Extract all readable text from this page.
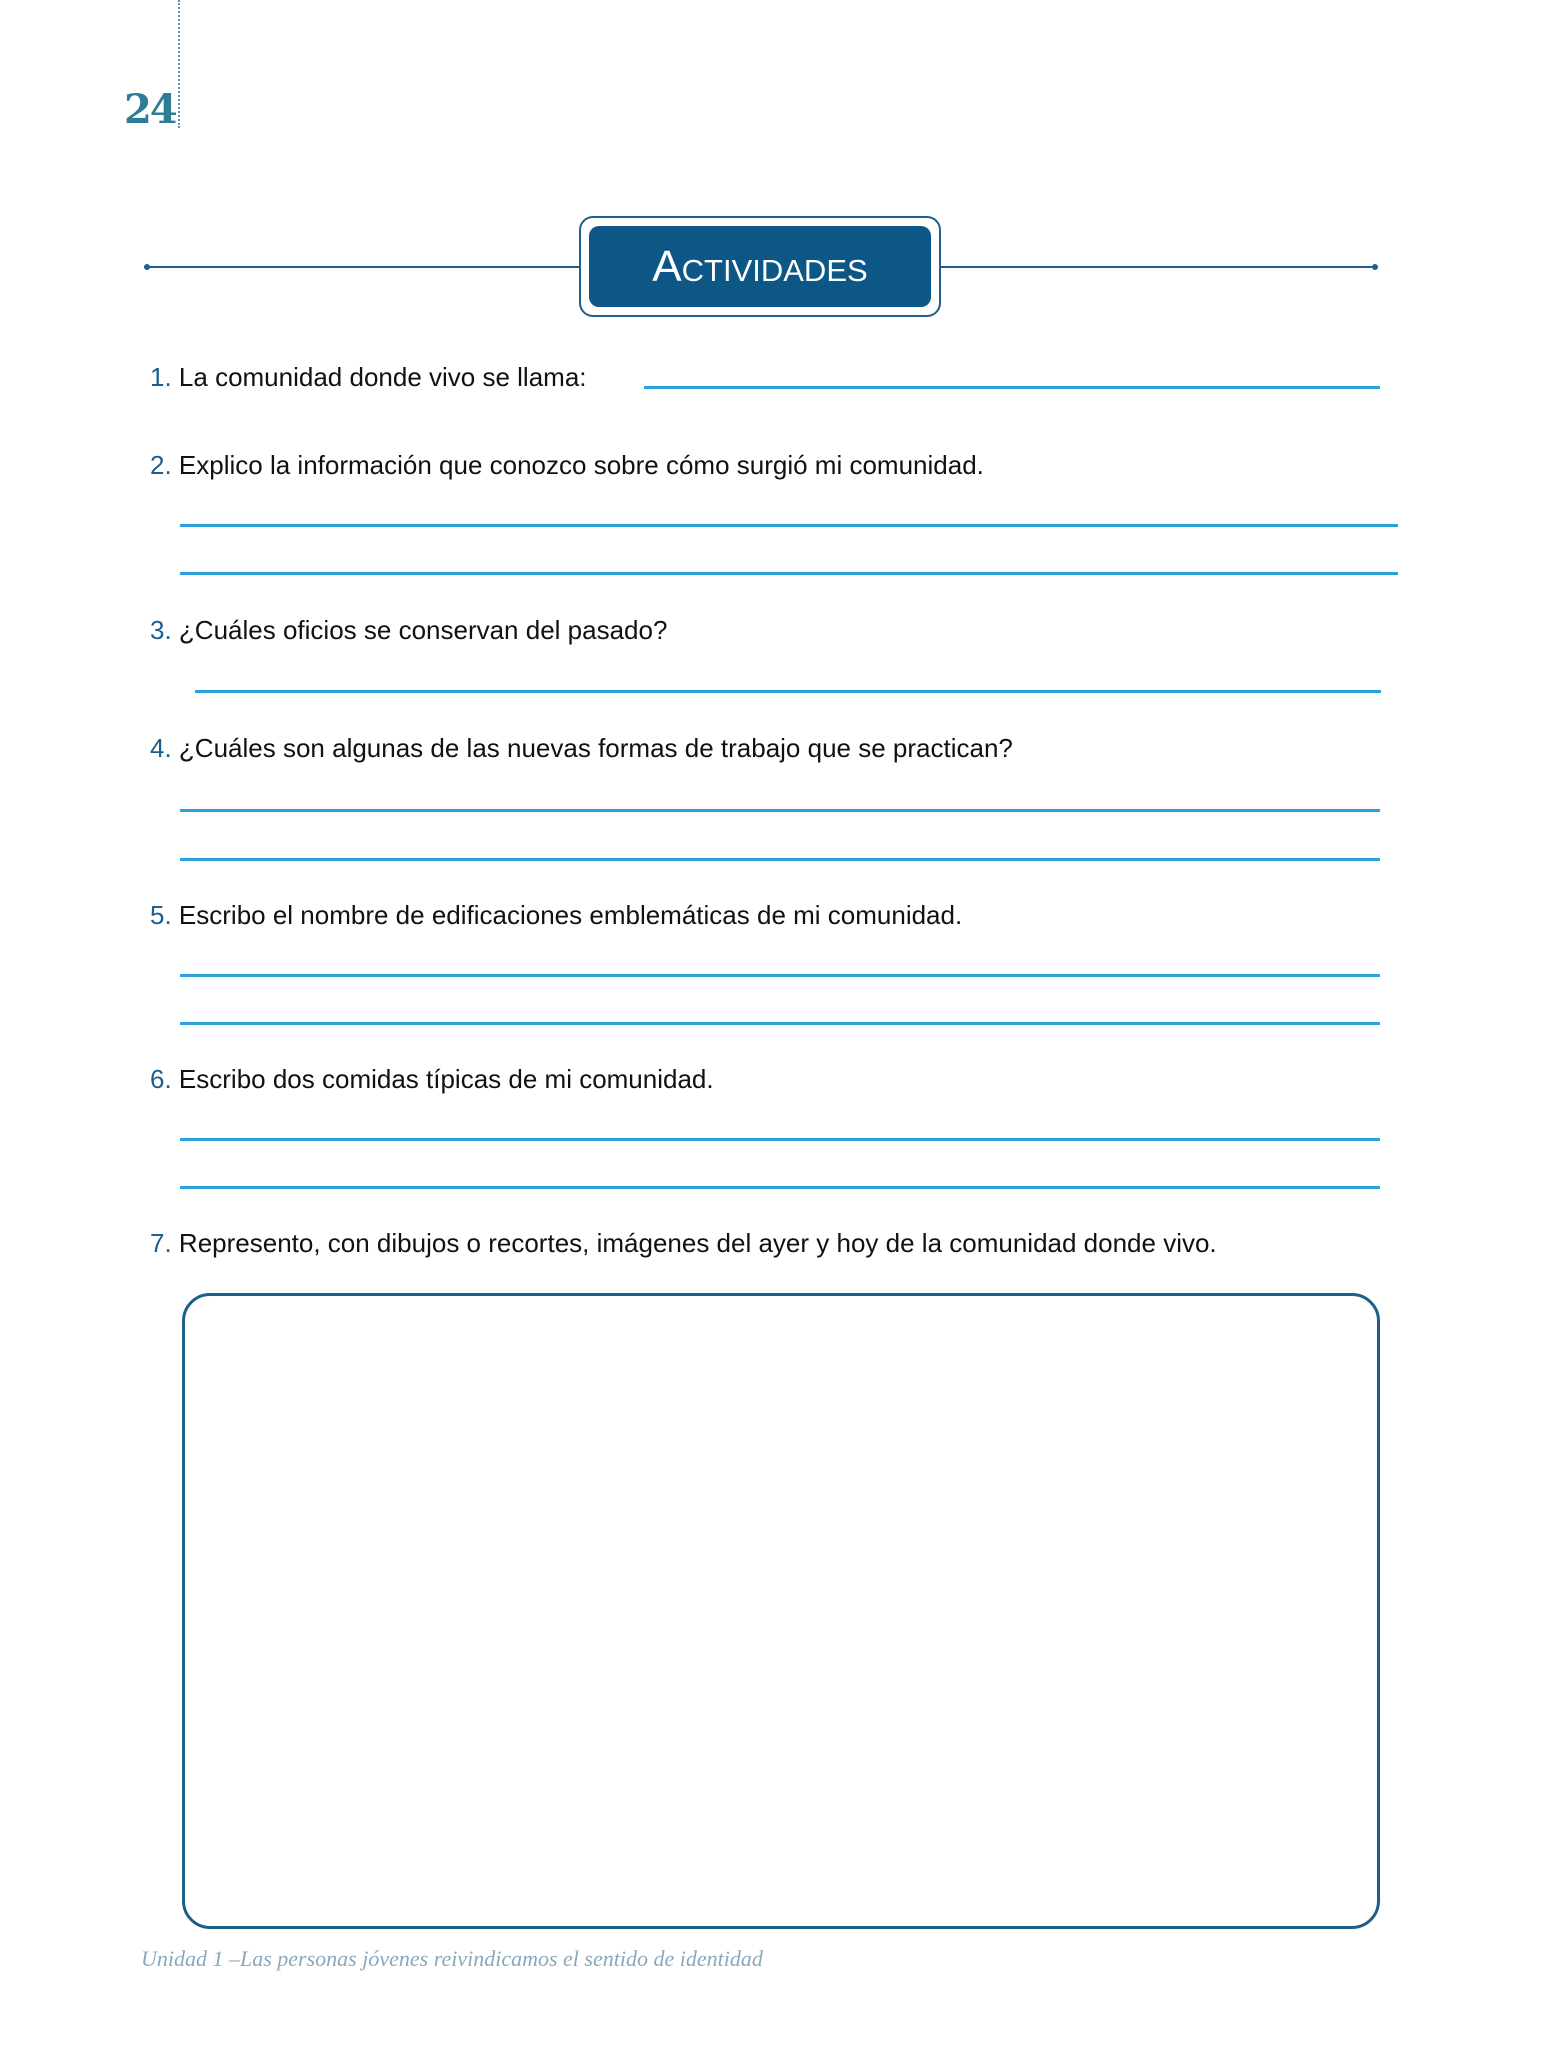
24
Actividades
1. La comunidad donde vivo se llama:
2. Explico la información que conozco sobre cómo surgió mi comunidad.
3. ¿Cuáles oficios se conservan del pasado?
4. ¿Cuáles son algunas de las nuevas formas de trabajo que se practican?
5. Escribo el nombre de edificaciones emblemáticas de mi comunidad.
6. Escribo dos comidas típicas de mi comunidad.
7. Represento, con dibujos o recortes, imágenes del ayer y hoy de la comunidad donde vivo.
Unidad 1 –Las personas jóvenes reivindicamos el sentido de identidad
